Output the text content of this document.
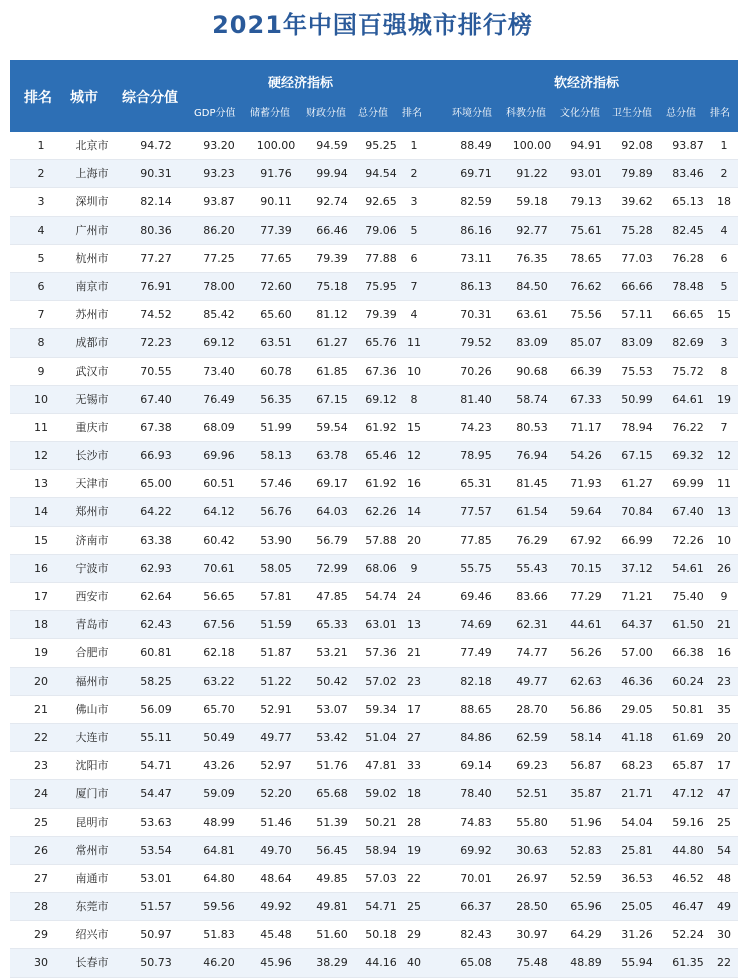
2021年中国百强城市排行榜
排名 城市 综合分值
硬经济指标	软经济指标
GDP分值 储蓄分值 财政分值 总分值 排名	环境分值 科教分值 文化分值 卫生分值 总分值 排名
1	北京市	94.72	93.20	100.00	94.59	95.25	1	88.49	100.00	94.91	92.08	93.87	1
2	上海市	90.31	93.23	91.76	99.94	94.54	2	69.71	91.22	93.01	79.89	83.46	2
3	深圳市	82.14	93.87	90.11	92.74	92.65	3	82.59	59.18	79.13	39.62	65.13	18
4	广州市	80.36	86.20	77.39	66.46	79.06	5	86.16	92.77	75.61	75.28	82.45	4
5	杭州市	77.27	77.25	77.65	79.39	77.88	6	73.11	76.35	78.65	77.03	76.28	6
6	南京市	76.91	78.00	72.60	75.18	75.95	7	86.13	84.50	76.62	66.66	78.48	5
7	苏州市	74.52	85.42	65.60	81.12	79.39	4	70.31	63.61	75.56	57.11	66.65	15
8	成都市	72.23	69.12	63.51	61.27	65.76 11	79.52	83.09	85.07	83.09	82.69	3
9	武汉市	70.55	73.40	60.78	61.85	67.36 10	70.26	90.68	66.39	75.53	75.72	8
10	无锡市	67.40	76.49	56.35	67.15	69.12	8	81.40	58.74	67.33	50.99	64.61	19
11	重庆市	67.38	68.09	51.99	59.54	61.92 15	74.23	80.53	71.17	78.94	76.22	7
12	长沙市	66.93	69.96	58.13	63.78	65.46 12	78.95	76.94	54.26	67.15	69.32	12
13	天津市	65.00	60.51	57.46	69.17	61.92 16	65.31	81.45	71.93	61.27	69.99	11
14	郑州市	64.22	64.12	56.76	64.03	62.26 14	77.57	61.54	59.64	70.84	67.40	13
15	济南市	63.38	60.42	53.90	56.79	57.88 20	77.85	76.29	67.92	66.99	72.26	10
16	宁波市	62.93	70.61	58.05	72.99	68.06	9	55.75	55.43	70.15	37.12	54.61	26
17	西安市	62.64	56.65	57.81	47.85	54.74 24	69.46	83.66	77.29	71.21	75.40	9
18	青岛市	62.43	67.56	51.59	65.33	63.01 13	74.69	62.31	44.61	64.37	61.50	21
19	合肥市	60.81	62.18	51.87	53.21	57.36 21	77.49	74.77	56.26	57.00	66.38	16
20	福州市	58.25	63.22	51.22	50.42	57.02 23	82.18	49.77	62.63	46.36	60.24	23
21	佛山市	56.09	65.70	52.91	53.07	59.34 17	88.65	28.70	56.86	29.05	50.81	35
22	大连市	55.11	50.49	49.77	53.42	51.04 27	84.86	62.59	58.14	41.18	61.69	20
23	沈阳市	54.71	43.26	52.97	51.76	47.81 33	69.14	69.23	56.87	68.23	65.87	17
24	厦门市	54.47	59.09	52.20	65.68	59.02 18	78.40	52.51	35.87	21.71	47.12	47
25	昆明市	53.63	48.99	51.46	51.39	50.21 28	74.83	55.80	51.96	54.04	59.16	25
26	常州市	53.54	64.81	49.70	56.45	58.94 19	69.92	30.63	52.83	25.81	44.80	54
27	南通市	53.01	64.80	48.64	49.85	57.03 22	70.01	26.97	52.59	36.53	46.52	48
28	东莞市	51.57	59.56	49.92	49.81	54.71 25	66.37	28.50	65.96	25.05	46.47	49
29	绍兴市	50.97	51.83	45.48	51.60	50.18 29	82.43	30.97	64.29	31.26	52.24	30
30	长春市	50.73	46.20	45.96	38.29	44.16 40	65.08	75.48	48.89	55.94	61.35	22
